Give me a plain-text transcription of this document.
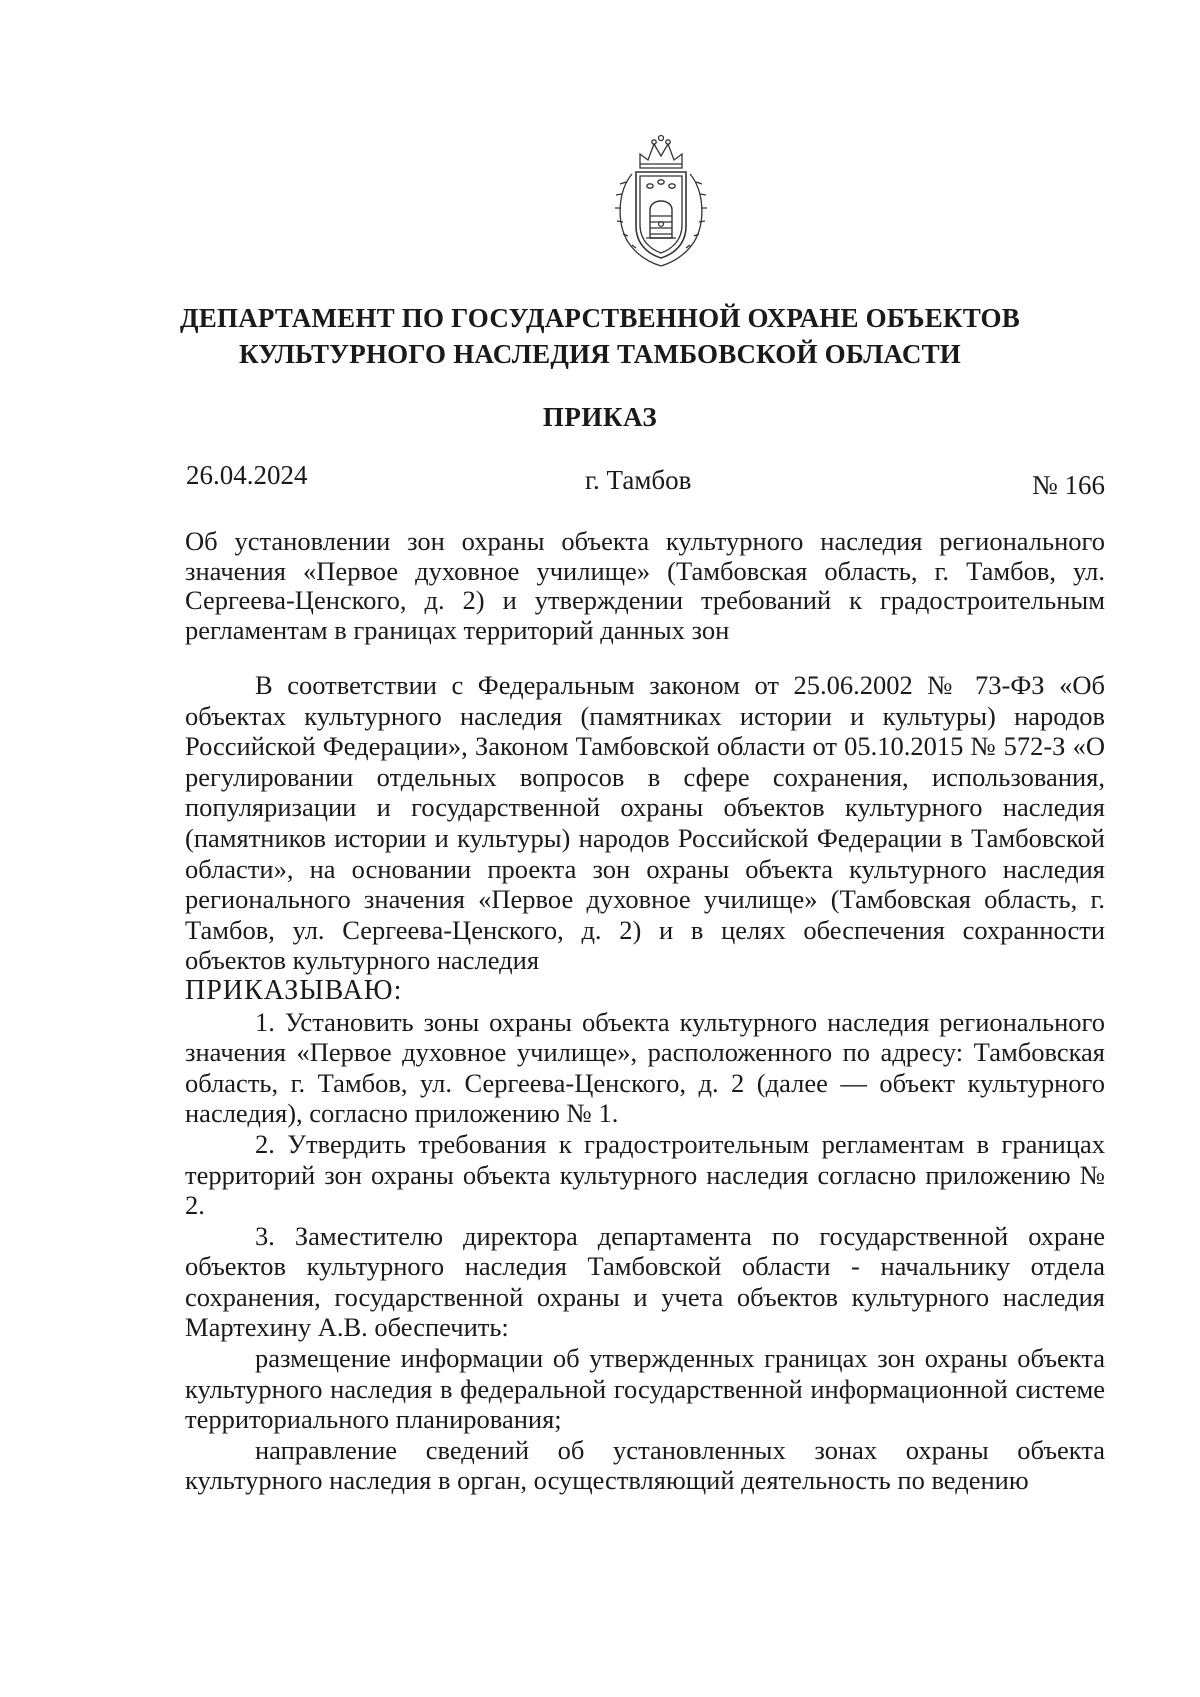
ДЕПАРТАМЕНТ ПО ГОСУДАРСТВЕННОЙ ОХРАНЕ ОБЪЕКТОВ
КУЛЬТУРНОГО НАСЛЕДИЯ ТАМБОВСКОЙ ОБЛАСТИ
ПРИКАЗ
26.04.2024	г. Тамбов	№ 166
Об установлении зон охраны объекта культурного наследия регионального значения «Первое духовное училище» (Тамбовская область, г. Тамбов, ул. Сергеева-Ценского, д. 2) и утверждении требований к градостроительным регламентам в границах территорий данных зон

В соответствии с Федеральным законом от 25.06.2002 № 73-ФЗ «Об объектах культурного наследия (памятниках истории и культуры) народов Российской Федерации», Законом Тамбовской области от 05.10.2015 № 572-З «О регулировании отдельных вопросов в сфере сохранения, использования, популяризации и государственной охраны объектов культурного наследия (памятников истории и культуры) народов Российской Федерации в Тамбовской области», на основании проекта зон охраны объекта культурного наследия регионального значения «Первое духовное училище» (Тамбовская область, г. Тамбов, ул. Сергеева-Ценского, д. 2) и в целях обеспечения сохранности объектов культурного наследия

ПРИКАЗЫВАЮ:

1. Установить зоны охраны объекта культурного наследия регионального значения «Первое духовное училище», расположенного по адресу: Тамбовская область, г. Тамбов, ул. Сергеева-Ценского, д. 2 (далее — объект культурного наследия), согласно приложению № 1.

2. Утвердить требования к градостроительным регламентам в границах территорий зон охраны объекта культурного наследия согласно приложению № 2.

3. Заместителю директора департамента по государственной охране объектов культурного наследия Тамбовской области - начальнику отдела сохранения, государственной охраны и учета объектов культурного наследия Мартехину А.В. обеспечить:

размещение информации об утвержденных границах зон охраны объекта культурного наследия в федеральной государственной информационной системе территориального планирования;

направление сведений об установленных зонах охраны объекта культурного наследия в орган, осуществляющий деятельность по ведению
